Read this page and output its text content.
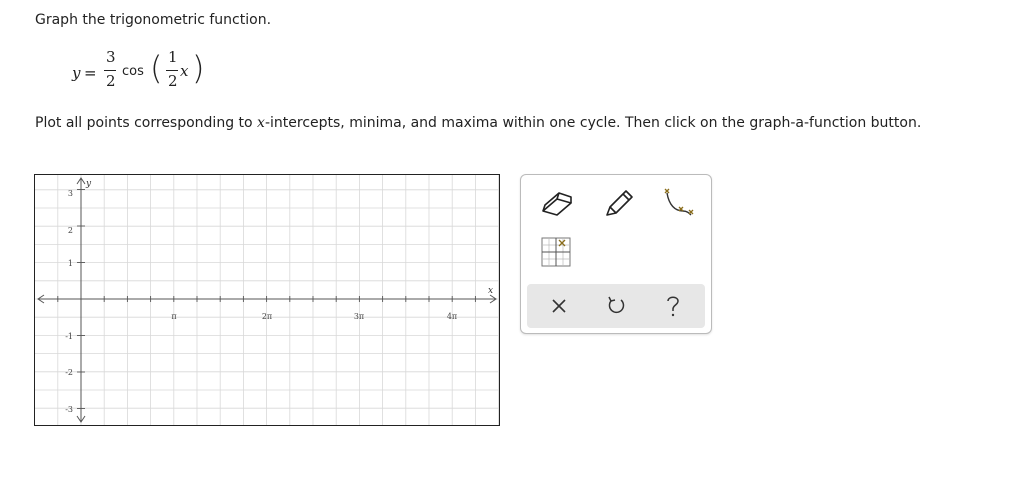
Graph the trigonometric function.
y =
3
2
cos ( 1
2
x )
Plot all points corresponding to x-intercepts, minima, and maxima within one cycle. Then click on the graph-a-function button.
x
y
π	2π	3π	4π
1
2
3
-1
-2
-3
